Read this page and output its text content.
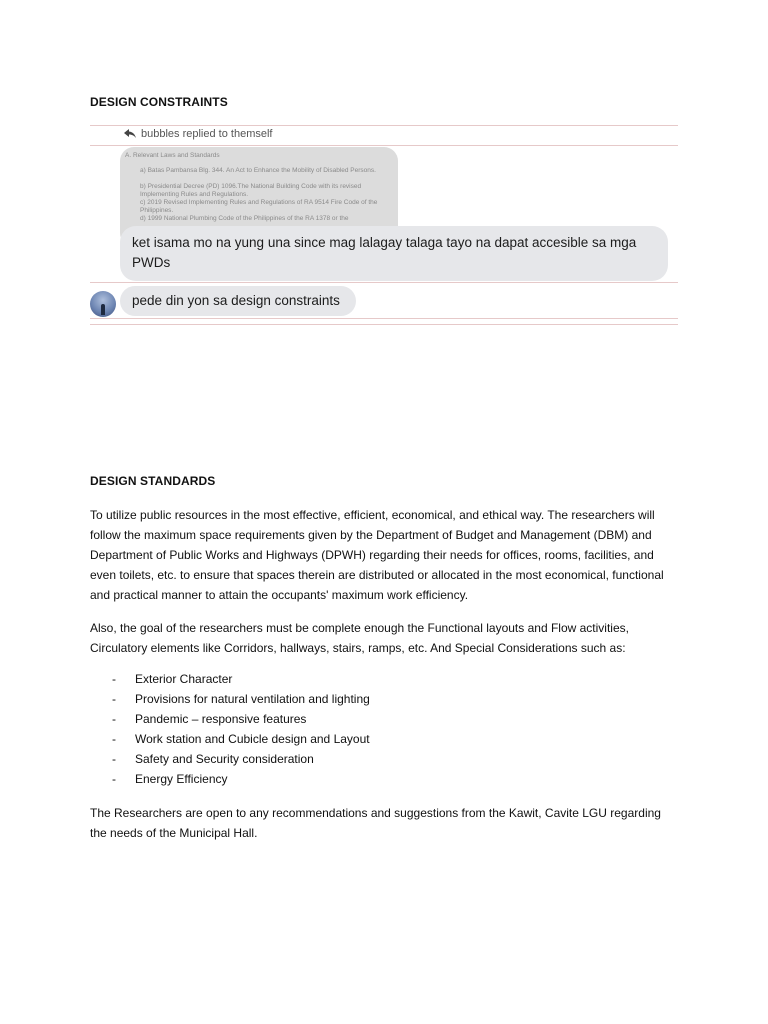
DESIGN CONSTRAINTS
bubbles replied to themself
A. Relevant Laws and Standards
a) Batas Pambansa Blg. 344. An Act to Enhance the Mobility of Disabled Persons.
b) Presidential Decree (PD) 1096.The National Building Code with its revised Implementing Rules and Regulations.
c) 2019 Revised Implementing Rules and Regulations of RA 9514 Fire Code of the Philippines.
d) 1999 National Plumbing Code of the Philippines of the RA 1378 or the
ket isama mo na yung una since mag lalagay talaga tayo na dapat accesible sa mga PWDs
pede din yon sa design constraints
DESIGN STANDARDS
To utilize public resources in the most effective, efficient, economical, and ethical way. The researchers will follow the maximum space requirements given by the Department of Budget and Management (DBM) and Department of Public Works and Highways (DPWH) regarding their needs for offices, rooms, facilities, and even toilets, etc. to ensure that spaces therein are distributed or allocated in the most economical, functional and practical manner to attain the occupants' maximum work efficiency.
Also, the goal of the researchers must be complete enough the Functional layouts and Flow activities, Circulatory elements like Corridors, hallways, stairs, ramps, etc. And Special Considerations such as:
- Exterior Character
- Provisions for natural ventilation and lighting
- Pandemic – responsive features
- Work station and Cubicle design and Layout
- Safety and Security consideration
- Energy Efficiency
The Researchers are open to any recommendations and suggestions from the Kawit, Cavite LGU regarding the needs of the Municipal Hall.
